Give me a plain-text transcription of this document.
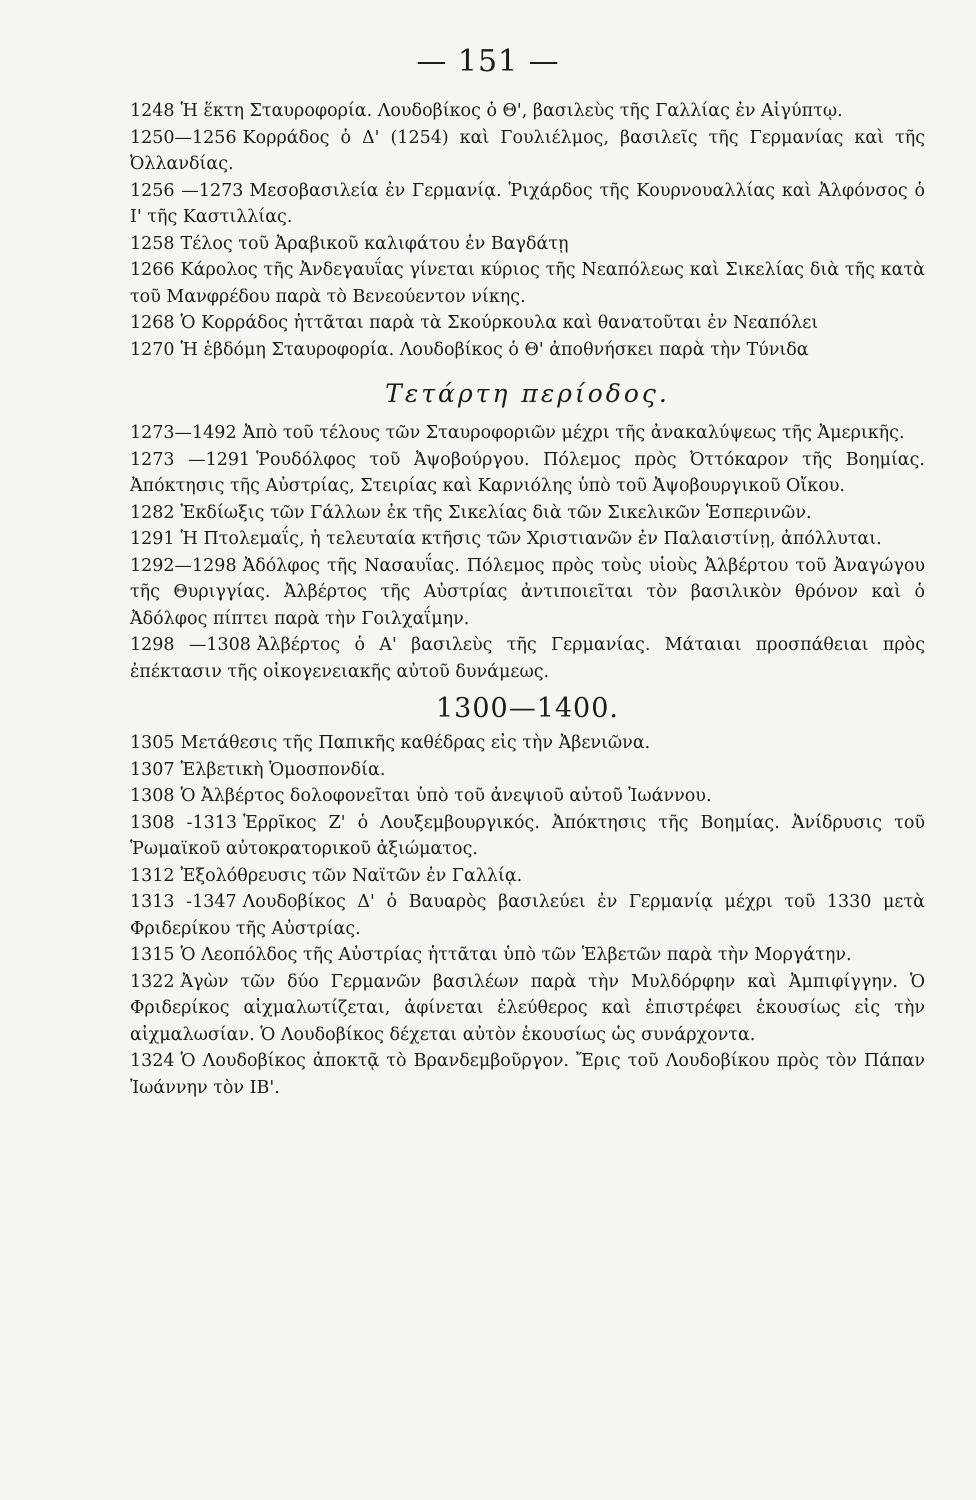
— 151 —

1248 Ἡ ἕκτη Σταυροφορία. Λουδοβίκος ὁ Θ', βασιλεὺς τῆς Γαλλίας ἐν Αἰγύπτῳ.

1250—1256 Κορράδος ὁ Δ' (1254) καὶ Γουλιέλμος, βασιλεῖς τῆς Γερμανίας καὶ τῆς Ὀλλανδίας.

1256 —1273 Μεσοβασιλεία ἐν Γερμανίᾳ. Ῥιχάρδος τῆς Κουρνουαλλίας καὶ Ἀλφόνσος ὁ Ι' τῆς Καστιλλίας.

1258 Τέλος τοῦ Ἀραβικοῦ καλιφάτου ἐν Βαγδάτῃ

1266 Κάρολος τῆς Ἀνδεγαυΐας γίνεται κύριος τῆς Νεαπόλεως καὶ Σικελίας διὰ τῆς κατὰ τοῦ Μανφρέδου παρὰ τὸ Βενεούεντον νίκης.

1268 Ὁ Κορράδος ἡττᾶται παρὰ τὰ Σκούρκουλα καὶ θανατοῦται ἐν Νεαπόλει

1270 Ἡ ἑβδόμη Σταυροφορία. Λουδοβίκος ὁ Θ' ἀποθνήσκει παρὰ τὴν Τύνιδα

Τετάρτη περίοδος.

1273—1492 Ἀπὸ τοῦ τέλους τῶν Σταυροφοριῶν μέχρι τῆς ἀνακαλύψεως τῆς Ἀμερικῆς.

1273 —1291 Ῥουδόλφος τοῦ Ἀψοβούργου. Πόλεμος πρὸς Ὀττόκαρον τῆς Βοημίας. Ἀπόκτησις τῆς Αὐστρίας, Στειρίας καὶ Καρνιόλης ὑπὸ τοῦ Ἀψοβουργικοῦ Οἴκου.

1282 Ἐκδίωξις τῶν Γάλλων ἐκ τῆς Σικελίας διὰ τῶν Σικελικῶν Ἑσπερινῶν.

1291 Ἡ Πτολεμαΐς, ἡ τελευταία κτῆσις τῶν Χριστιανῶν ἐν Παλαιστίνῃ, ἀπόλλυται.

1292—1298 Ἀδόλφος τῆς Νασαυΐας. Πόλεμος πρὸς τοὺς υἱοὺς Ἀλβέρτου τοῦ Ἀναγώγου τῆς Θυριγγίας. Ἀλβέρτος τῆς Αὐστρίας ἀντιποιεῖται τὸν βασιλικὸν θρόνον καὶ ὁ Ἀδόλφος πίπτει παρὰ τὴν Γοιλχαΐμην.

1298 —1308 Ἀλβέρτος ὁ Α' βασιλεὺς τῆς Γερμανίας. Μάταιαι προσπάθειαι πρὸς ἐπέκτασιν τῆς οἰκογενειακῆς αὐτοῦ δυνάμεως.

1300—1400.

1305 Μετάθεσις τῆς Παπικῆς καθέδρας εἰς τὴν Ἀβενιῶνα.

1307 Ἑλβετικὴ Ὁμοσπονδία.

1308 Ὁ Ἀλβέρτος δολοφονεῖται ὑπὸ τοῦ ἀνεψιοῦ αὐτοῦ Ἰωάννου.

1308 -1313 Ἑρρῖκος Ζ' ὁ Λουξεμβουργικός. Ἀπόκτησις τῆς Βοημίας. Ἀνίδρυσις τοῦ Ῥωμαϊκοῦ αὐτοκρατορικοῦ ἀξιώματος.

1312 Ἐξολόθρευσις τῶν Ναϊτῶν ἐν Γαλλίᾳ.

1313 -1347 Λουδοβίκος Δ' ὁ Βαυαρὸς βασιλεύει ἐν Γερμανίᾳ μέχρι τοῦ 1330 μετὰ Φριδερίκου τῆς Αὐστρίας.

1315 Ὁ Λεοπόλδος τῆς Αὐστρίας ἡττᾶται ὑπὸ τῶν Ἑλβετῶν παρὰ τὴν Μοργάτην.

1322 Ἀγὼν τῶν δύο Γερμανῶν βασιλέων παρὰ τὴν Μυλδόρφην καὶ Ἀμπιφίγγην. Ὁ Φριδερίκος αἰχμαλωτίζεται, ἀφίνεται ἐλεύθερος καὶ ἐπιστρέφει ἑκουσίως εἰς τὴν αἰχμαλωσίαν. Ὁ Λουδοβίκος δέχεται αὐτὸν ἑκουσίως ὡς συνάρχοντα.

1324 Ὁ Λουδοβίκος ἀποκτᾷ τὸ Βρανδεμβοῦργον. Ἔρις τοῦ Λουδοβίκου πρὸς τὸν Πάπαν Ἰωάννην τὸν ΙΒ'.
